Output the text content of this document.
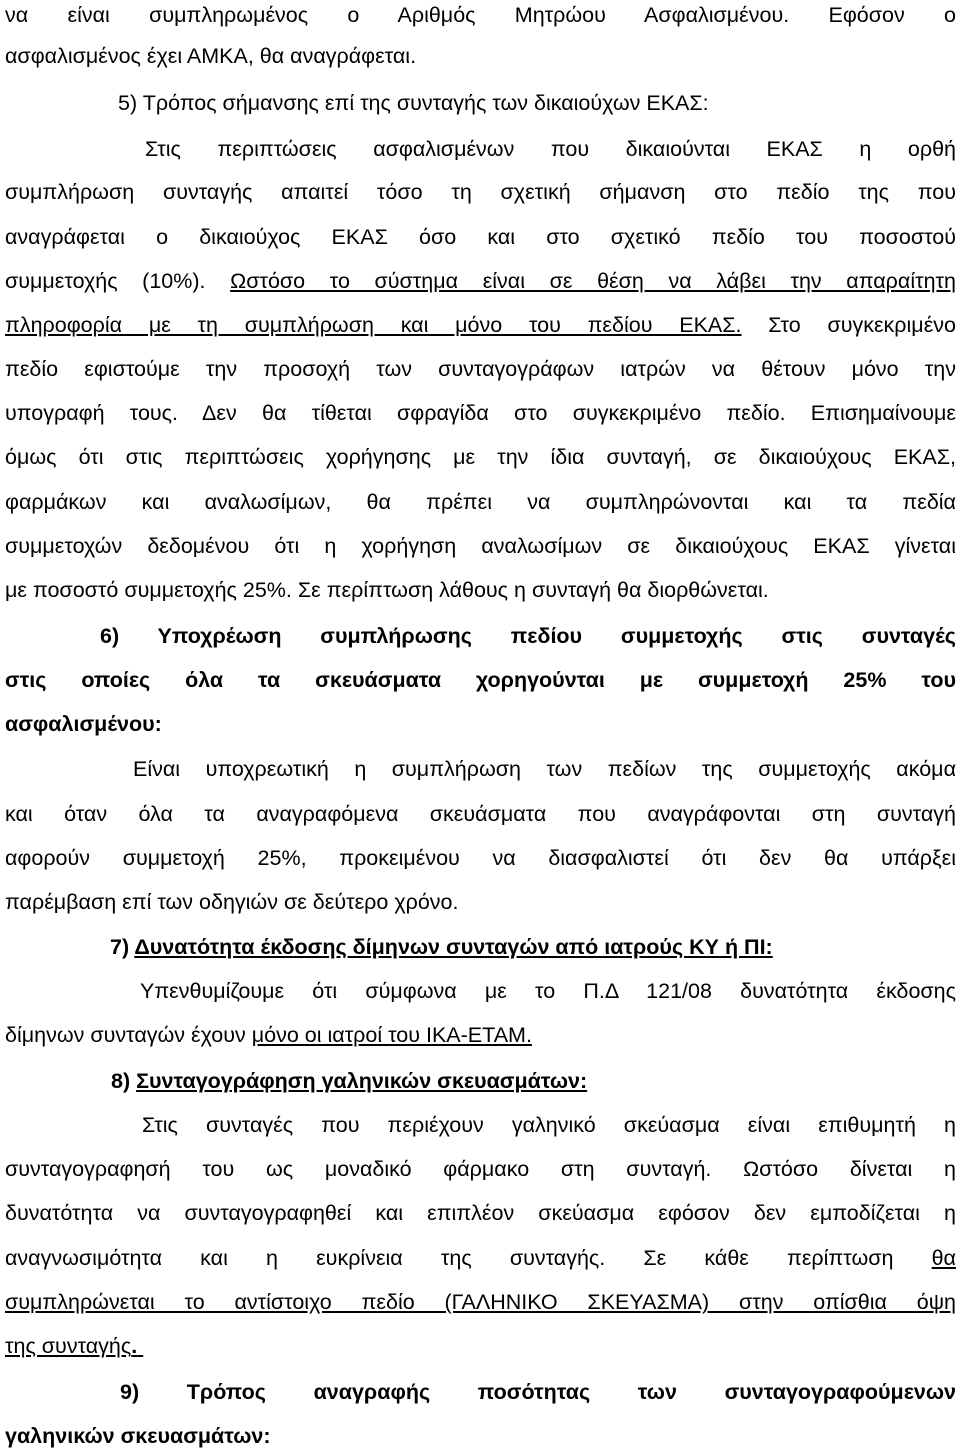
να είναι συμπληρωμένος ο Αριθμός Μητρώου Ασφαλισμένου. Εφόσον ο
ασφαλισμένος έχει ΑΜΚΑ, θα αναγράφεται.
5) Τρόπος σήμανσης επί της συνταγής των δικαιούχων ΕΚΑΣ:
Στις περιπτώσεις ασφαλισμένων που δικαιούνται ΕΚΑΣ η ορθή
συμπλήρωση συνταγής απαιτεί τόσο τη σχετική σήμανση στο πεδίο της που
αναγράφεται ο δικαιούχος ΕΚΑΣ όσο και στο σχετικό πεδίο του ποσοστού
συμμετοχής (10%). Ωστόσο το σύστημα είναι σε θέση να λάβει την απαραίτητη
πληροφορία με τη συμπλήρωση και μόνο του πεδίου ΕΚΑΣ. Στο συγκεκριμένο
πεδίο εφιστούμε την προσοχή των συνταγογράφων ιατρών να θέτουν μόνο την
υπογραφή τους. Δεν θα τίθεται σφραγίδα στο συγκεκριμένο πεδίο. Επισημαίνουμε
όμως ότι στις περιπτώσεις χορήγησης με την ίδια συνταγή, σε δικαιούχους ΕΚΑΣ,
φαρμάκων και αναλωσίμων, θα πρέπει να συμπληρώνονται και τα πεδία
συμμετοχών δεδομένου ότι η χορήγηση αναλωσίμων σε δικαιούχους ΕΚΑΣ γίνεται
με ποσοστό συμμετοχής 25%. Σε περίπτωση λάθους η συνταγή θα διορθώνεται.
6) Υποχρέωση συμπλήρωσης πεδίου συμμετοχής στις συνταγές
στις οποίες όλα τα σκευάσματα χορηγούνται με συμμετοχή 25% του
ασφαλισμένου:
Είναι υποχρεωτική η συμπλήρωση των πεδίων της συμμετοχής ακόμα
και όταν όλα τα αναγραφόμενα σκευάσματα που αναγράφονται στη συνταγή
αφορούν συμμετοχή 25%, προκειμένου να διασφαλιστεί ότι δεν θα υπάρξει
παρέμβαση επί των οδηγιών σε δεύτερο χρόνο.
7) Δυνατότητα έκδοσης δίμηνων συνταγών από ιατρούς ΚΥ ή ΠΙ:
Υπενθυμίζουμε ότι σύμφωνα με το Π.Δ 121/08 δυνατότητα έκδοσης
δίμηνων συνταγών έχουν μόνο οι ιατροί του ΙΚΑ-ΕΤΑΜ.
8) Συνταγογράφηση γαληνικών σκευασμάτων:
Στις συνταγές που περιέχουν γαληνικό σκεύασμα είναι επιθυμητή η
συνταγογραφησή του ως μοναδικό φάρμακο στη συνταγή. Ωστόσο δίνεται η
δυνατότητα να συνταγογραφηθεί και επιπλέον σκεύασμα εφόσον δεν εμποδίζεται η
αναγνωσιμότητα και η ευκρίνεια της συνταγής. Σε κάθε περίπτωση θα
συμπληρώνεται το αντίστοιχο πεδίο (ΓΑΛΗΝΙΚΟ ΣΚΕΥΑΣΜΑ) στην οπίσθια όψη
της συνταγής.
9) Τρόπος αναγραφής ποσότητας των συνταγογραφούμενων
γαληνικών σκευασμάτων:
